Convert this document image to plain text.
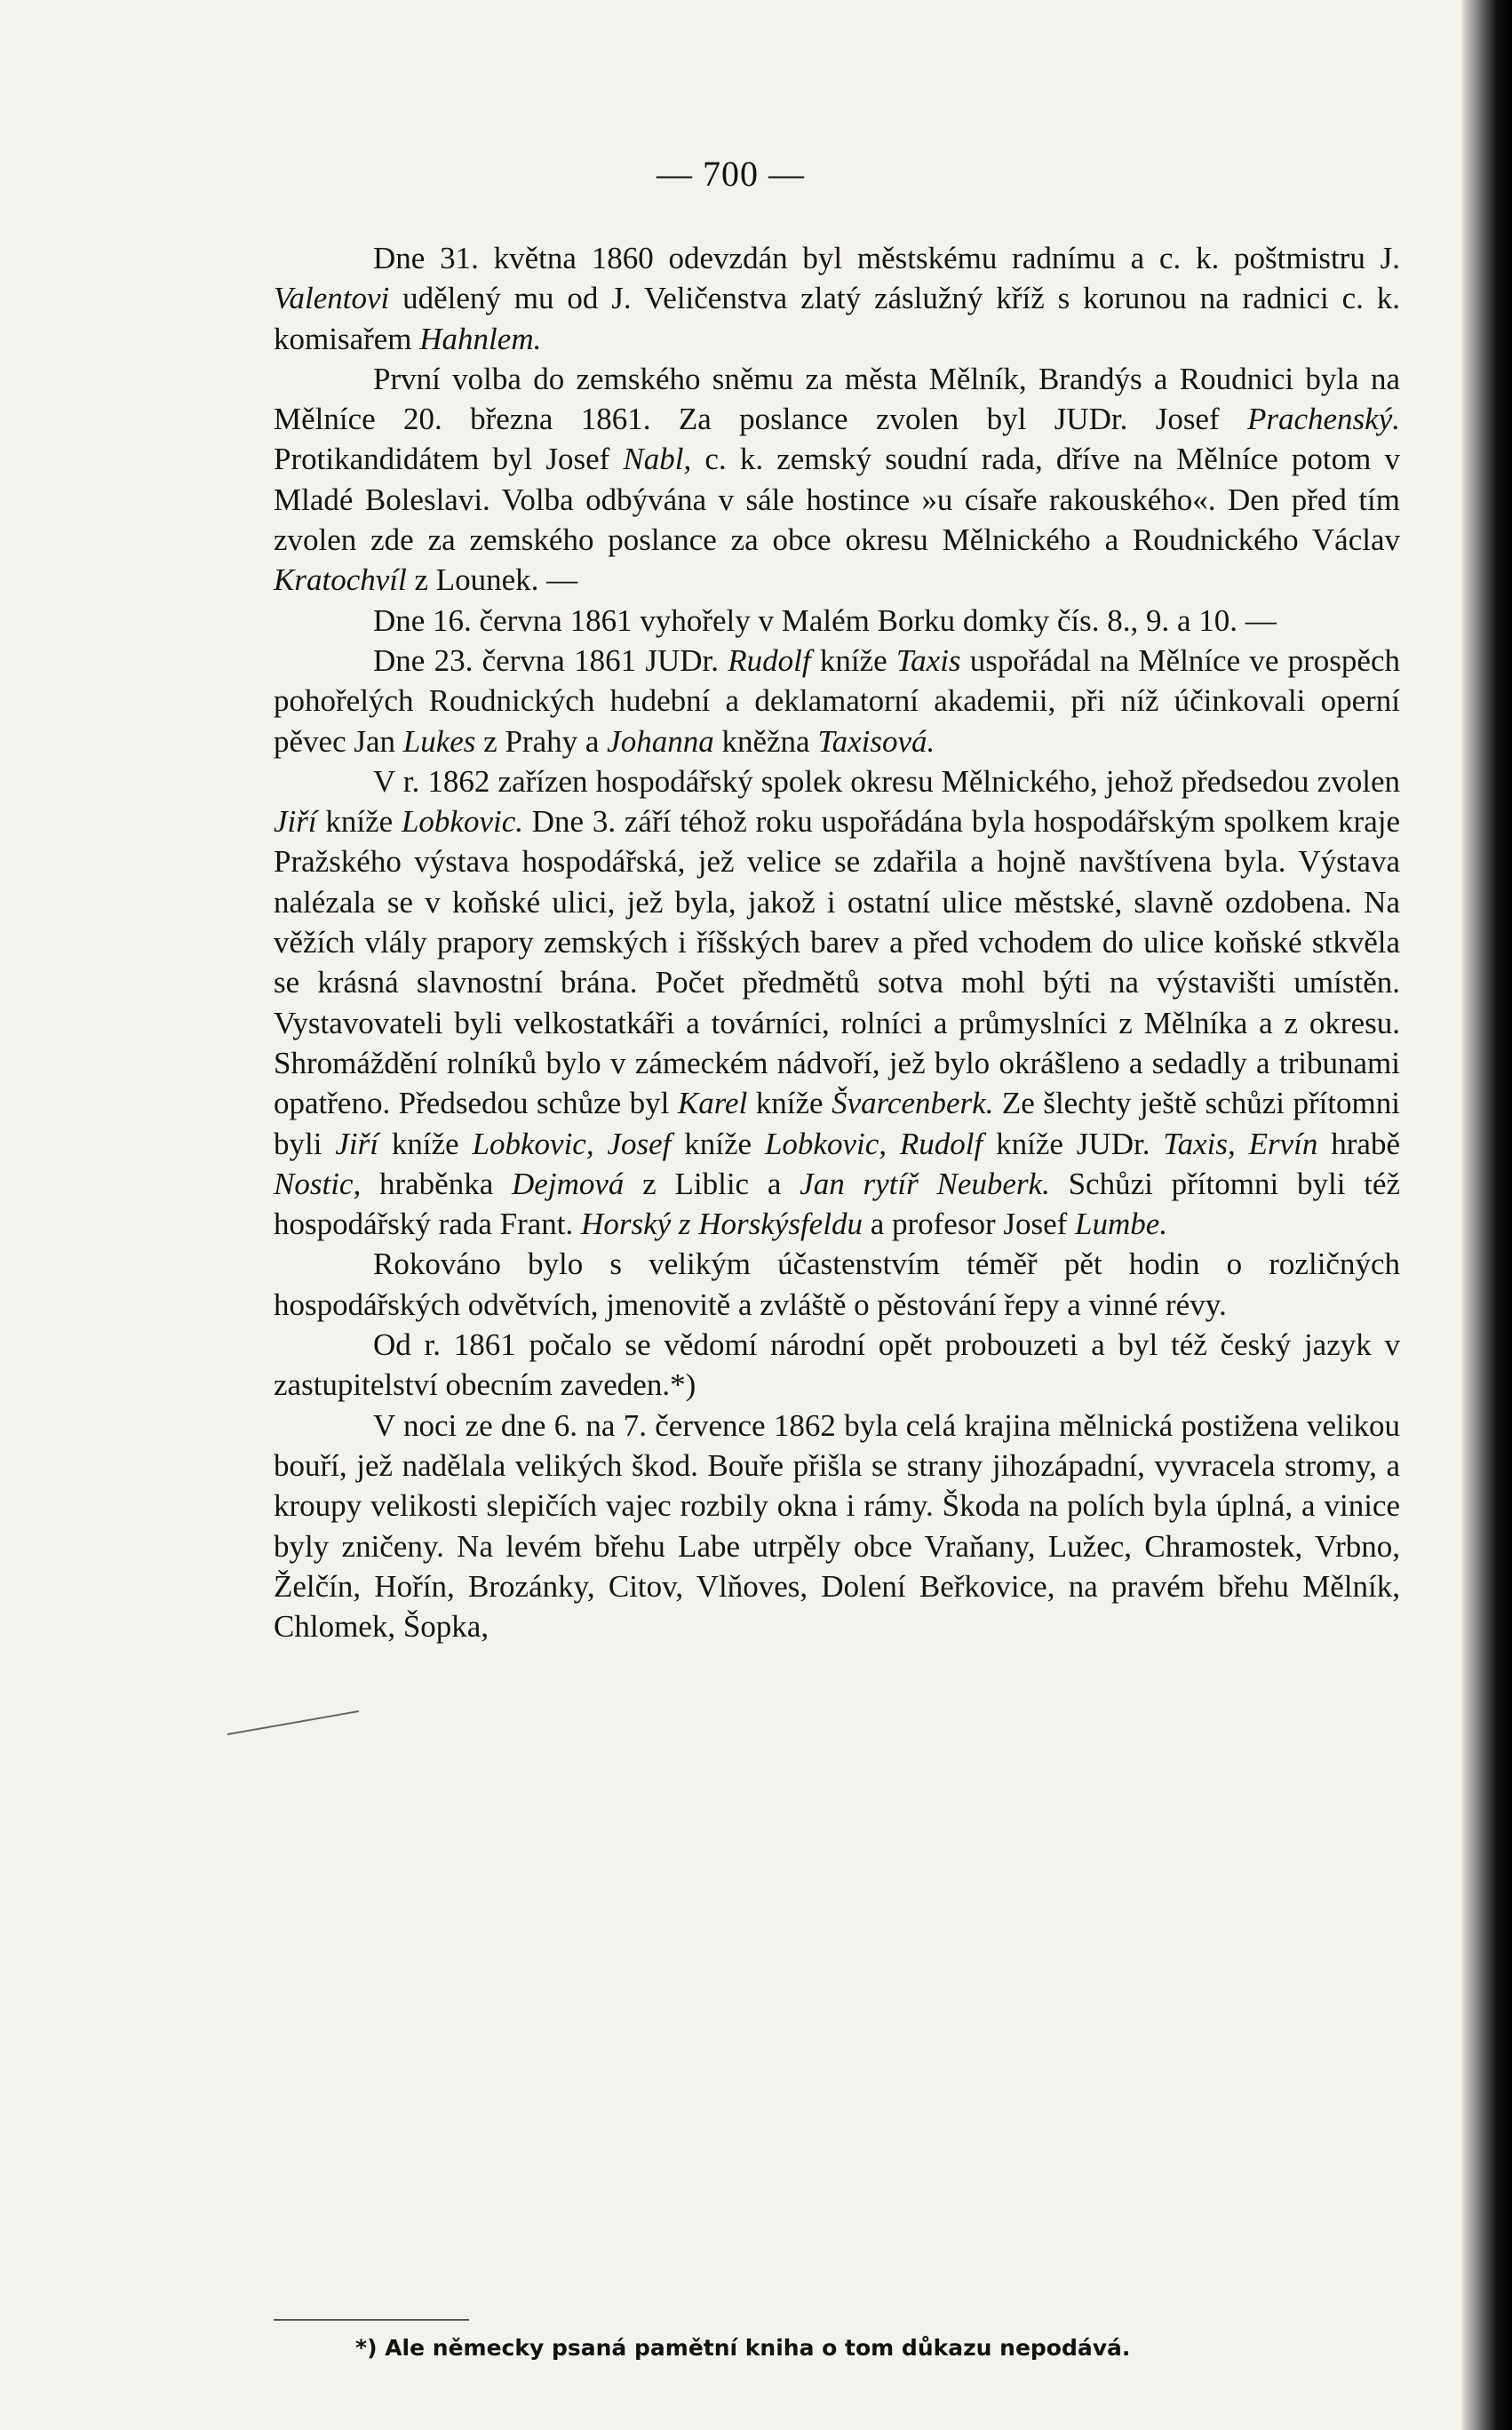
— 700 —

Dne 31. května 1860 odevzdán byl městskému radnímu a c. k. poštmistru J. Valentovi udělený mu od J. Veličenstva zlatý záslužný kříž s korunou na radnici c. k. komisařem Hahnlem.

První volba do zemského sněmu za města Mělník, Brandýs a Roudnici byla na Mělníce 20. března 1861. Za poslance zvolen byl JUDr. Josef Prachenský. Protikandidátem byl Josef Nabl, c. k. zemský soudní rada, dříve na Mělníce potom v Mladé Boleslavi. Volba odbývána v sále hostince »u císaře rakouského«. Den před tím zvolen zde za zemského poslance za obce okresu Mělnického a Roudnického Václav Kratochvíl z Lounek. —

Dne 16. června 1861 vyhořely v Malém Borku domky čís. 8., 9. a 10. —

Dne 23. června 1861 JUDr. Rudolf kníže Taxis uspořádal na Mělníce ve prospěch pohořelých Roudnických hudební a deklamatorní akademii, při níž účinkovali operní pěvec Jan Lukes z Prahy a Johanna kněžna Taxisová.

V r. 1862 zařízen hospodářský spolek okresu Mělnického, jehož předsedou zvolen Jiří kníže Lobkovic. Dne 3. září téhož roku uspořádána byla hospodářským spolkem kraje Pražského výstava hospodářská, jež velice se zdařila a hojně navštívena byla. Výstava nalézala se v koňské ulici, jež byla, jakož i ostatní ulice městské, slavně ozdobena. Na věžích vlály prapory zemských i říšských barev a před vchodem do ulice koňské stkvěla se krásná slavnostní brána. Počet předmětů sotva mohl býti na výstavišti umístěn. Vystavovateli byli velkostatkáři a továrníci, rolníci a průmyslníci z Mělníka a z okresu. Shromáždění rolníků bylo v zámeckém nádvoří, jež bylo okrášleno a sedadly a tribunami opatřeno. Předsedou schůze byl Karel kníže Švarcenberk. Ze šlechty ještě schůzi přítomni byli Jiří kníže Lobkovic, Josef kníže Lobkovic, Rudolf kníže JUDr. Taxis, Ervín hrabě Nostic, hraběnka Dejmová z Liblic a Jan rytíř Neuberk. Schůzi přítomni byli též hospodářský rada Frant. Horský z Horskýsfeldu a profesor Josef Lumbe.

Rokováno bylo s velikým účastenstvím téměř pět hodin o rozličných hospodářských odvětvích, jmenovitě a zvláště o pěstování řepy a vinné révy.

Od r. 1861 počalo se vědomí národní opět probouzeti a byl též český jazyk v zastupitelství obecním zaveden.*)

V noci ze dne 6. na 7. července 1862 byla celá krajina mělnická postižena velikou bouří, jež nadělala velikých škod. Bouře přišla se strany jihozápadní, vyvracela stromy, a kroupy velikosti slepičích vajec rozbily okna i rámy. Škoda na polích byla úplná, a vinice byly zničeny. Na levém břehu Labe utrpěly obce Vraňany, Lužec, Chramostek, Vrbno, Želčín, Hořín, Brozánky, Citov, Vlňoves, Dolení Beřkovice, na pravém břehu Mělník, Chlomek, Šopka,

*) Ale německy psaná pamětní kniha o tom důkazu nepodává.
